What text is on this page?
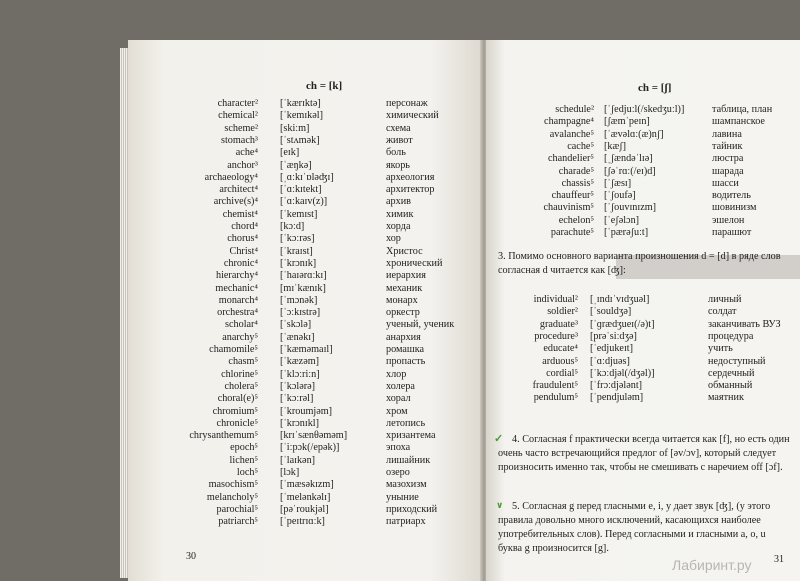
ch = [k]
30
character² [ˈkærɪktə]	персонаж
chemical² [ˈkemɪkəl]	химический
scheme² [skiːm]	схема
stomach³ [ˈstʌmək]	живот
ache⁴ [eɪk]	боль
anchor³ [ˈæŋkə]	якорь
archaeology⁴ [ˌɑːkɪˈɒləʤɪ]	археология
architect⁴ [ˈɑːkɪtekt]	архитектор
archive(s)⁴ [ˈɑːkaɪv(z)]	архив
chemist⁴ [ˈkemɪst]	химик
chord⁴ [kɔːd]	хорда
chorus⁴ [ˈkɔːrəs]	хор
Christ⁴ [ˈkraɪst]	Христос
chronic⁴ [ˈkrɔnɪk]	хронический
hierarchy⁴ [ˈhaɪərɑːkɪ]	иерархия
mechanic⁴ [mɪˈkænɪk]	механик
monarch⁴ [ˈmɔnək]	монарх
orchestra⁴ [ˈɔːkɪstrə]	оркестр
scholar⁴ [ˈskɔlə]	ученый, ученик
anarchy⁵ [ˈænəkɪ]	анархия
chamomile⁵ [ˈkæməmaɪl]	ромашка
chasm⁵ [ˈkæzəm]	пропасть
chlorine⁵ [ˈklɔːriːn]	хлор
cholera⁵ [ˈkɔlərə]	холера
choral(e)⁵ [ˈkɔːrəl]	хорал
chromium⁵ [ˈkroumjəm]	хром
chronicle⁵ [ˈkrɔnɪkl]	летопись
chrysanthemum⁵ [krɪˈsænθəməm]	хризантема
epoch⁵ [ˈiːpɔk(/epək)]	эпоха
lichen⁵ [ˈlaɪkən]	лишайник
loch⁵ [lɔk]	озеро
masochism⁵ [ˈmæsəkɪzm]	мазохизм
melancholy⁵ [ˈmelənkəlɪ]	уныние
parochial⁵ [pəˈroukjəl]	приходский
patriarch⁵ [ˈpeɪtrɪɑːk]	патриарх
ch = [ʃ]
3. Помимо основного варианта произношения d = [d] в ряде слов согласная d читается как [ʤ]:
✓ 4. Согласная f практически всегда читается как [f], но есть один очень часто встречающийся предлог of [əv/ɔv], который следует произносить именно так, чтобы не смешивать с наречием off [ɔf].
∨ 5. Согласная g перед гласными e, i, y дает звук [ʤ], (у этого правила довольно много исключений, касающихся наиболее употребительных слов). Перед согласными и гласными a, o, u буква g произносится [g].
Лабиринт.ру 31
schedule² [ˈʃedjuːl(/skedʒuːl)]	таблица, план
champagne⁴ [ʃæmˈpeɪn]	шампанское
avalanche⁵ [ˈævəlɑː(æ)nʃ]	лавина
cache⁵ [kæʃ]	тайник
chandelier⁵ [ˌʃændəˈlɪə]	люстра
charade⁵ [ʃəˈrɑː(/eɪ)d]	шарада
chassis⁵ [ˈʃæsɪ]	шасси
chauffeur⁵ [ˈʃoufə]	водитель
chauvinism⁵ [ˈʃouvɪnɪzm]	шовинизм
echelon⁵ [ˈeʃəlɔn]	эшелон
parachute⁵ [ˈpærəʃuːt]	парашют
individual² [ˌɪndɪˈvɪdʒuəl]	личный
soldier² [ˈsouldʒə]	солдат
graduate³ [ˈɡrædʒueɪ(/ə)t]	заканчивать ВУЗ
procedure³ [prəˈsiːdʒə]	процедура
educate⁴ [ˈedjukeɪt]	учить
arduous⁵ [ˈɑːdjuəs]	недоступный
cordial⁵ [ˈkɔːdjəl(/dʒəl)]	сердечный
fraudulent⁵ [ˈfrɔːdjələnt]	обманный
pendulum⁵ [ˈpendjuləm]	маятник
